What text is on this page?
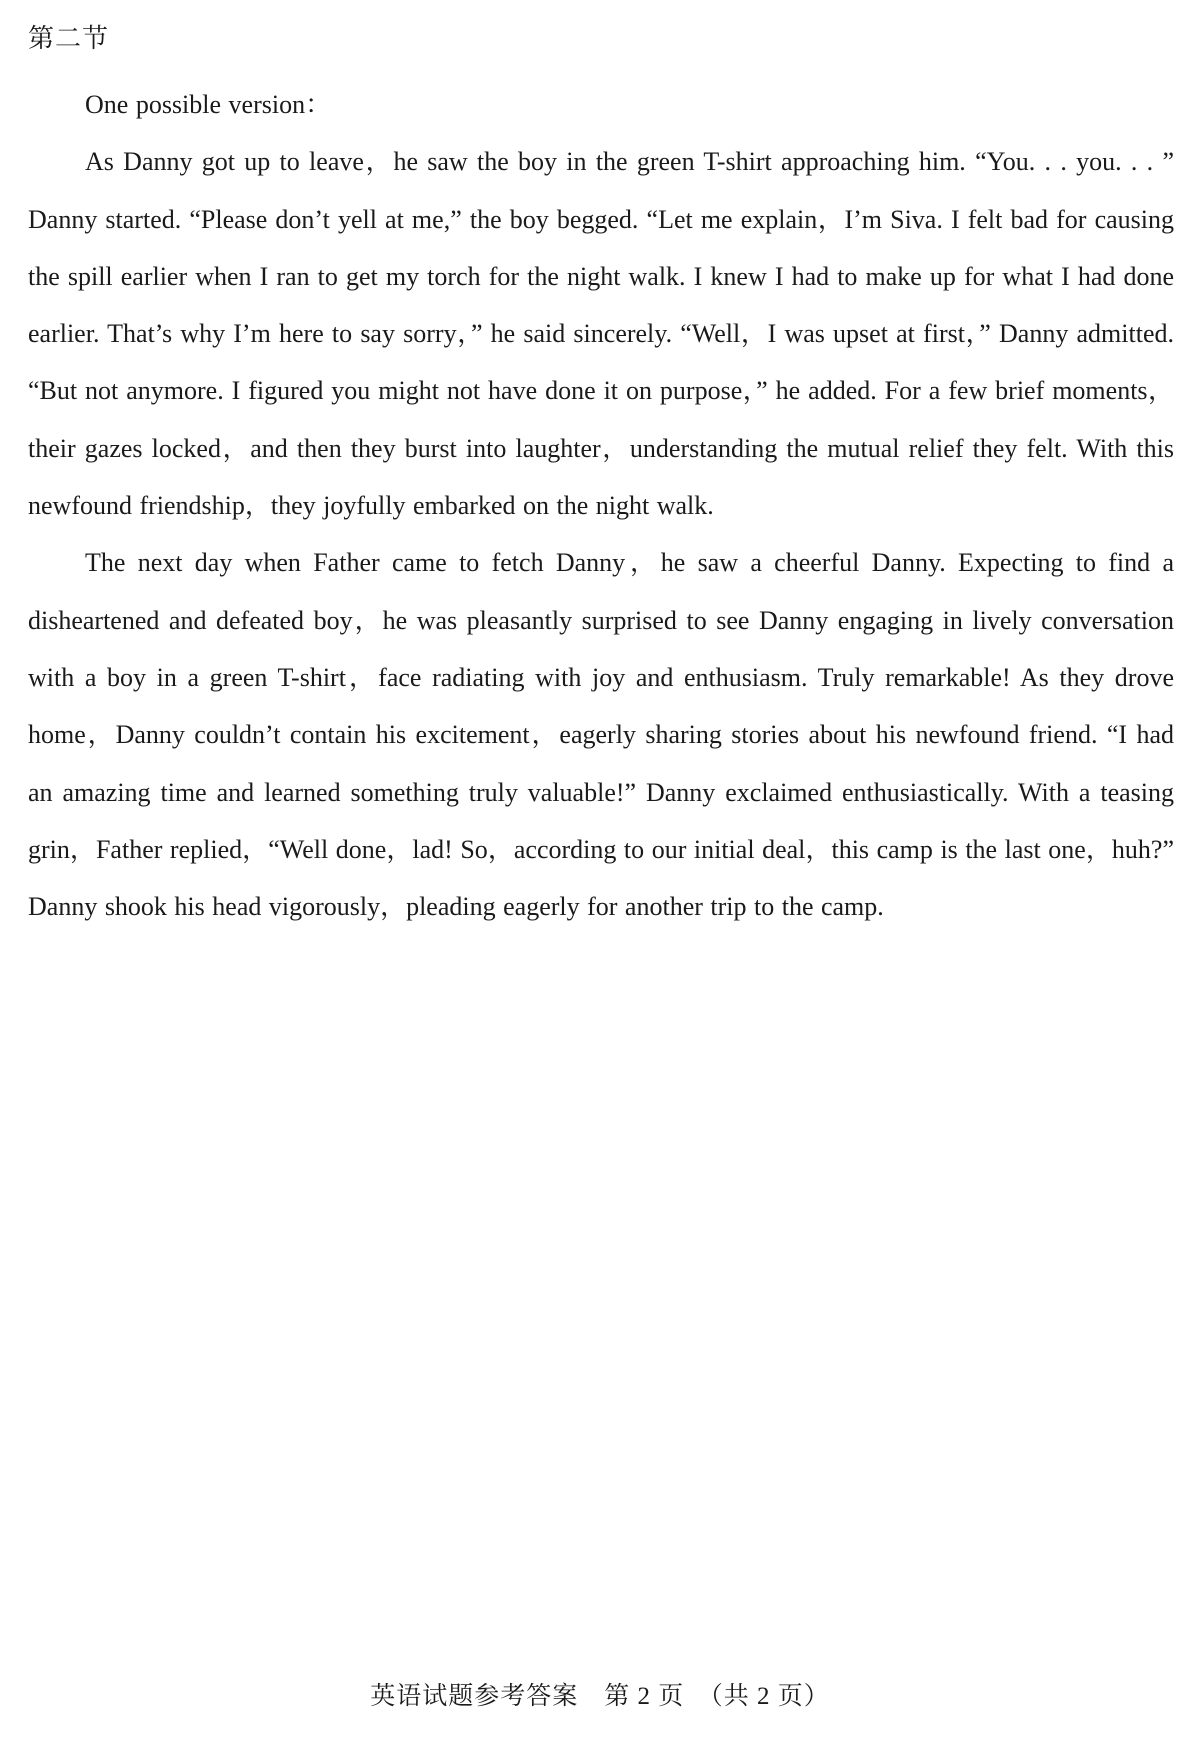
第二节

One possible version：

As Danny got up to leave，he saw the boy in the green T-shirt approaching him. “You. . . you. . . ” Danny started. “Please don’t yell at me,” the boy begged. “Let me explain，I’m Siva. I felt bad for causing the spill earlier when I ran to get my torch for the night walk. I knew I had to make up for what I had done earlier. That’s why I’m here to say sorry，” he said sincerely. “Well，I was upset at first，” Danny admitted. “But not anymore. I figured you might not have done it on purpose，” he added. For a few brief moments，their gazes locked，and then they burst into laughter，understanding the mutual relief they felt. With this newfound friendship，they joyfully embarked on the night walk.

The next day when Father came to fetch Danny，he saw a cheerful Danny. Expecting to find a disheartened and defeated boy，he was pleasantly surprised to see Danny engaging in lively conversation with a boy in a green T-shirt，face radiating with joy and enthusiasm. Truly remarkable! As they drove home，Danny couldn’t contain his excitement，eagerly sharing stories about his newfound friend. “I had an amazing time and learned something truly valuable!” Danny exclaimed enthusiastically. With a teasing grin，Father replied，“Well done，lad! So，according to our initial deal，this camp is the last one，huh?” Danny shook his head vigorously，pleading eagerly for another trip to the camp.

英语试题参考答案　第 2 页　（共 2 页）
